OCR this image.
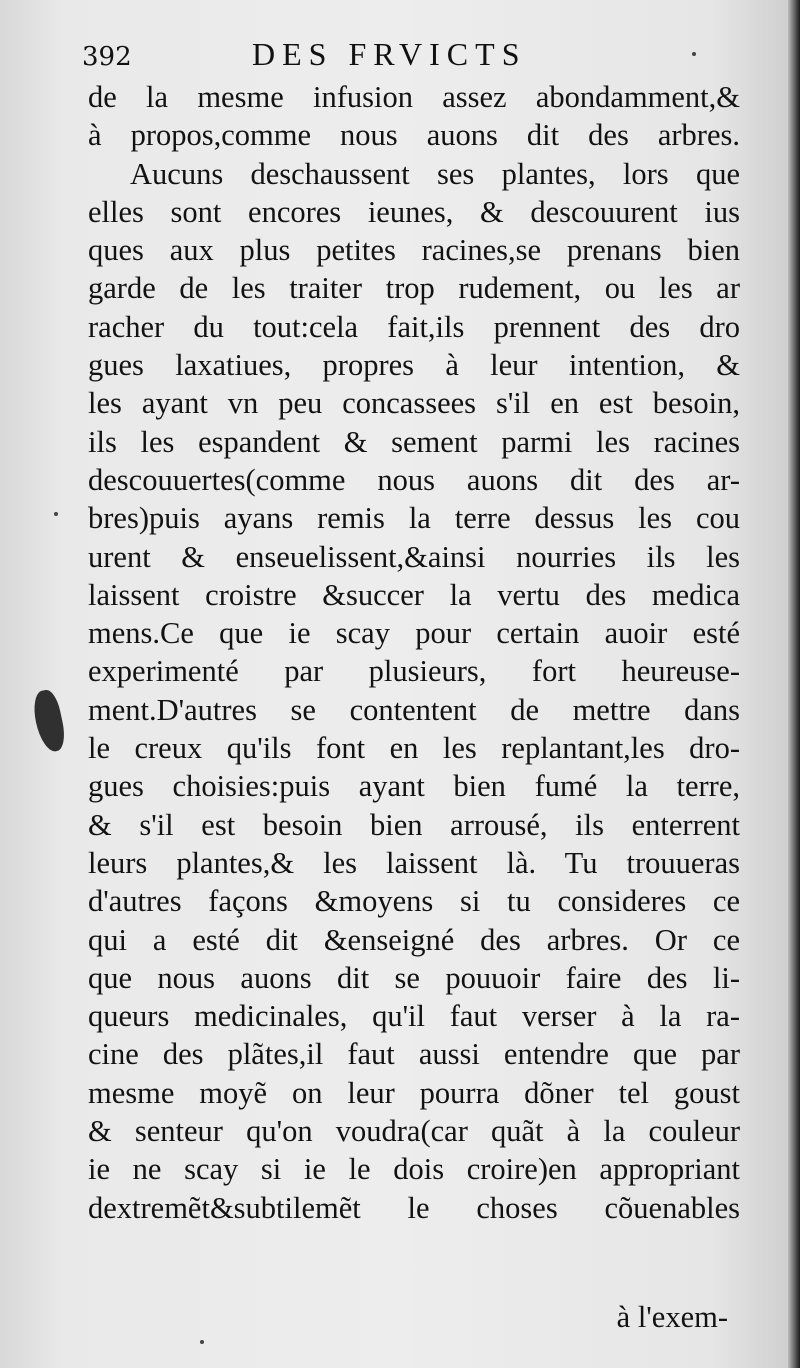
392	DES FRVICTS
de la mesme infusion assez abondamment,&
à propos,comme nous auons dit des arbres.
Aucuns deschaussent ses plantes, lors que
elles sont encores ieunes, & descouurent ius
ques aux plus petites racines,se prenans bien
garde de les traiter trop rudement, ou les ar
racher du tout:cela fait,ils prennent des dro
gues laxatiues, propres à leur intention, &
les ayant vn peu concassees s'il en est besoin,
ils les espandent & sement parmi les racines
descouuertes(comme nous auons dit des ar-
bres)puis ayans remis la terre dessus les cou
urent & enseuelissent,&ainsi nourries ils les
laissent croistre &succer la vertu des medica
mens.Ce que ie scay pour certain auoir esté
experimenté par plusieurs, fort heureuse-
ment.D'autres se contentent de mettre dans
le creux qu'ils font en les replantant,les dro-
gues choisies:puis ayant bien fumé la terre,
& s'il est besoin bien arrousé, ils enterrent
leurs plantes,& les laissent là. Tu trouueras
d'autres façons &moyens si tu consideres ce
qui a esté dit &enseigné des arbres. Or ce
que nous auons dit se pouuoir faire des li-
queurs medicinales, qu'il faut verser à la ra-
cine des plãtes,il faut aussi entendre que par
mesme moyẽ on leur pourra dõner tel goust
& senteur qu'on voudra(car quãt à la couleur
ie ne scay si ie le dois croire)en appropriant
dextremẽt&subtilemẽt le choses cõuenables
à l'exem-
